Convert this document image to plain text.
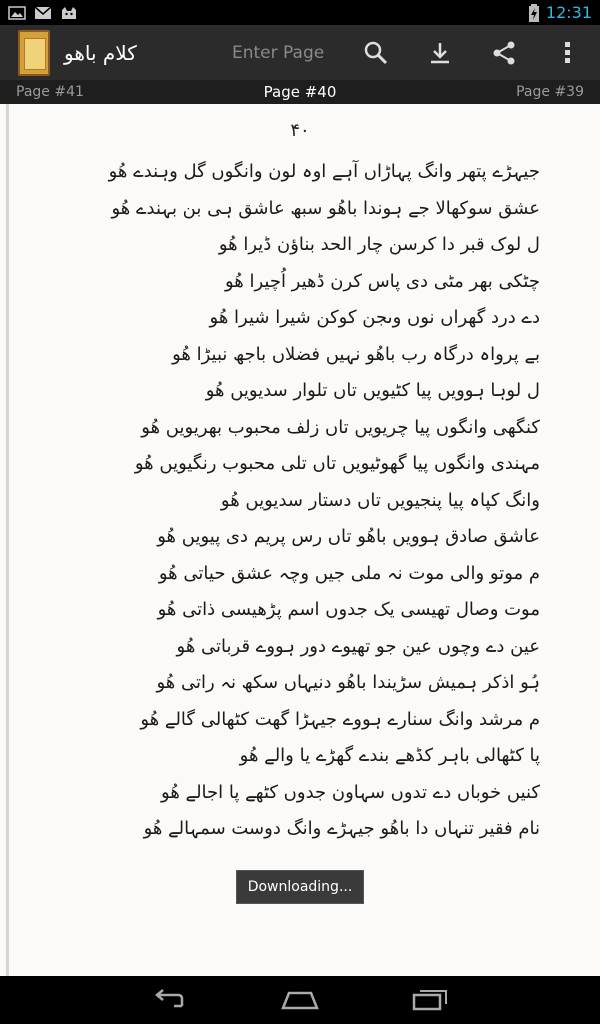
12:31
کلام باھو
Enter Page
Page #41	Page #40	Page #39
۴۰
جیہڑے پتھر وانگ پہاڑاں آہے اوہ لون وانگوں گل وہندے ھُو
عشق سوکھالا جے ہوندا باھُو سبھ عاشق ہی بن بہندے ھُو
ل لوک قبر دا کرسن چار الحد بناؤن ڈیرا ھُو
چٹکی بھر مٹی دی پاس کرن ڈھیر اُچیرا ھُو
دے درد گھراں نوں وںجن کوکن شیرا شیرا ھُو
بے پرواہ درگاہ رب باھُو نہیں فضلاں باجھ نبیڑا ھُو
ل لوہا ہوویں پیا کٹیویں تاں تلوار سدیویں ھُو
کنگھی وانگوں پیا چریویں تاں زلف محبوب بھریویں ھُو
مہندی وانگوں پیا گھوٹیویں تاں تلی محبوب رنگیویں ھُو
وانگ کپاہ پیا پنجیویں تاں دستار سدیویں ھُو
عاشق صادق ہوویں باھُو تاں رس پریم دی پیویں ھُو
م موتو والی موت نہ ملی جیں وچہ عشق حیاتی ھُو
موت وصال تھیسی یک جدوں اسم پڑھیسی ذاتی ھُو
عین دے وچوں عین جو تھیوے دور ہووے قرباتی ھُو
ہُو اذکر ہمیش سڑیندا باھُو دنیہاں سکھ نہ راتی ھُو
م مرشد وانگ سنارے ہووے جیہڑا گھت کٹھالی گالے ھُو
پا کٹھالی باہر کڈھے بندے گھڑے یا والے ھُو
کنیں خوباں دے تدوں سہاون جدوں کٹھے پا اجالے ھُو
نام فقیر تنہاں دا باھُو جیہڑے وانگ دوست سمہالے ھُو
Downloading...
